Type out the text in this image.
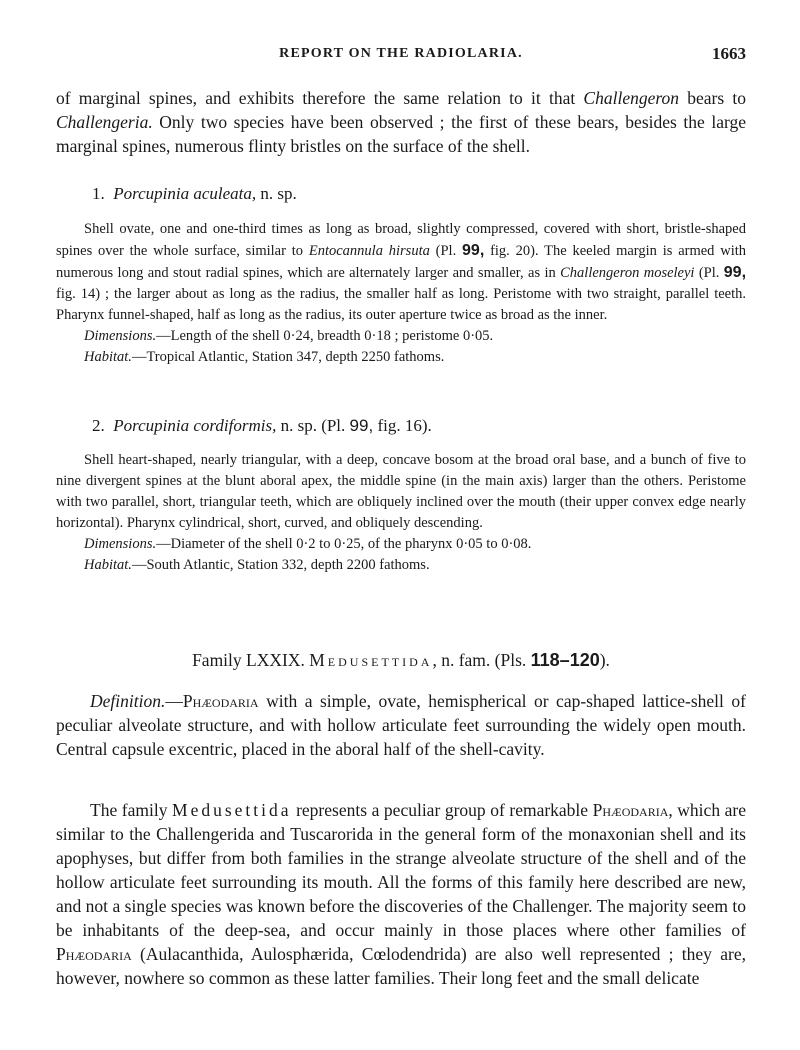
REPORT ON THE RADIOLARIA.	1663
of marginal spines, and exhibits therefore the same relation to it that Challengeron bears to Challengeria. Only two species have been observed ; the first of these bears, besides the large marginal spines, numerous flinty bristles on the surface of the shell.
1. Porcupinia aculeata, n. sp.

Shell ovate, one and one-third times as long as broad, slightly compressed, covered with short, bristle-shaped spines over the whole surface, similar to Entocannula hirsuta (Pl. 99, fig. 20). The keeled margin is armed with numerous long and stout radial spines, which are alternately larger and smaller, as in Challengeron moseleyi (Pl. 99, fig. 14) ; the larger about as long as the radius, the smaller half as long. Peristome with two straight, parallel teeth. Pharynx funnel-shaped, half as long as the radius, its outer aperture twice as broad as the inner.

Dimensions.—Length of the shell 0·24, breadth 0·18 ; peristome 0·05.

Habitat.—Tropical Atlantic, Station 347, depth 2250 fathoms.

2. Porcupinia cordiformis, n. sp. (Pl. 99, fig. 16).

Shell heart-shaped, nearly triangular, with a deep, concave bosom at the broad oral base, and a bunch of five to nine divergent spines at the blunt aboral apex, the middle spine (in the main axis) larger than the others. Peristome with two parallel, short, triangular teeth, which are obliquely inclined over the mouth (their upper convex edge nearly horizontal). Pharynx cylindrical, short, curved, and obliquely descending.

Dimensions.—Diameter of the shell 0·2 to 0·25, of the pharynx 0·05 to 0·08.

Habitat.—South Atlantic, Station 332, depth 2200 fathoms.

Family LXXIX. Medusettida, n. fam. (Pls. 118–120).

Definition.—Phæodaria with a simple, ovate, hemispherical or cap-shaped lattice-shell of peculiar alveolate structure, and with hollow articulate feet surrounding the widely open mouth. Central capsule excentric, placed in the aboral half of the shell-cavity.

The family Medusettida represents a peculiar group of remarkable Phæodaria, which are similar to the Challengerida and Tuscarorida in the general form of the monaxonian shell and its apophyses, but differ from both families in the strange alveolate structure of the shell and of the hollow articulate feet surrounding its mouth. All the forms of this family here described are new, and not a single species was known before the discoveries of the Challenger. The majority seem to be inhabitants of the deep-sea, and occur mainly in those places where other families of Phæodaria (Aulacanthida, Aulosphærida, Cœlodendrida) are also well represented ; they are, however, nowhere so common as these latter families. Their long feet and the small delicate
